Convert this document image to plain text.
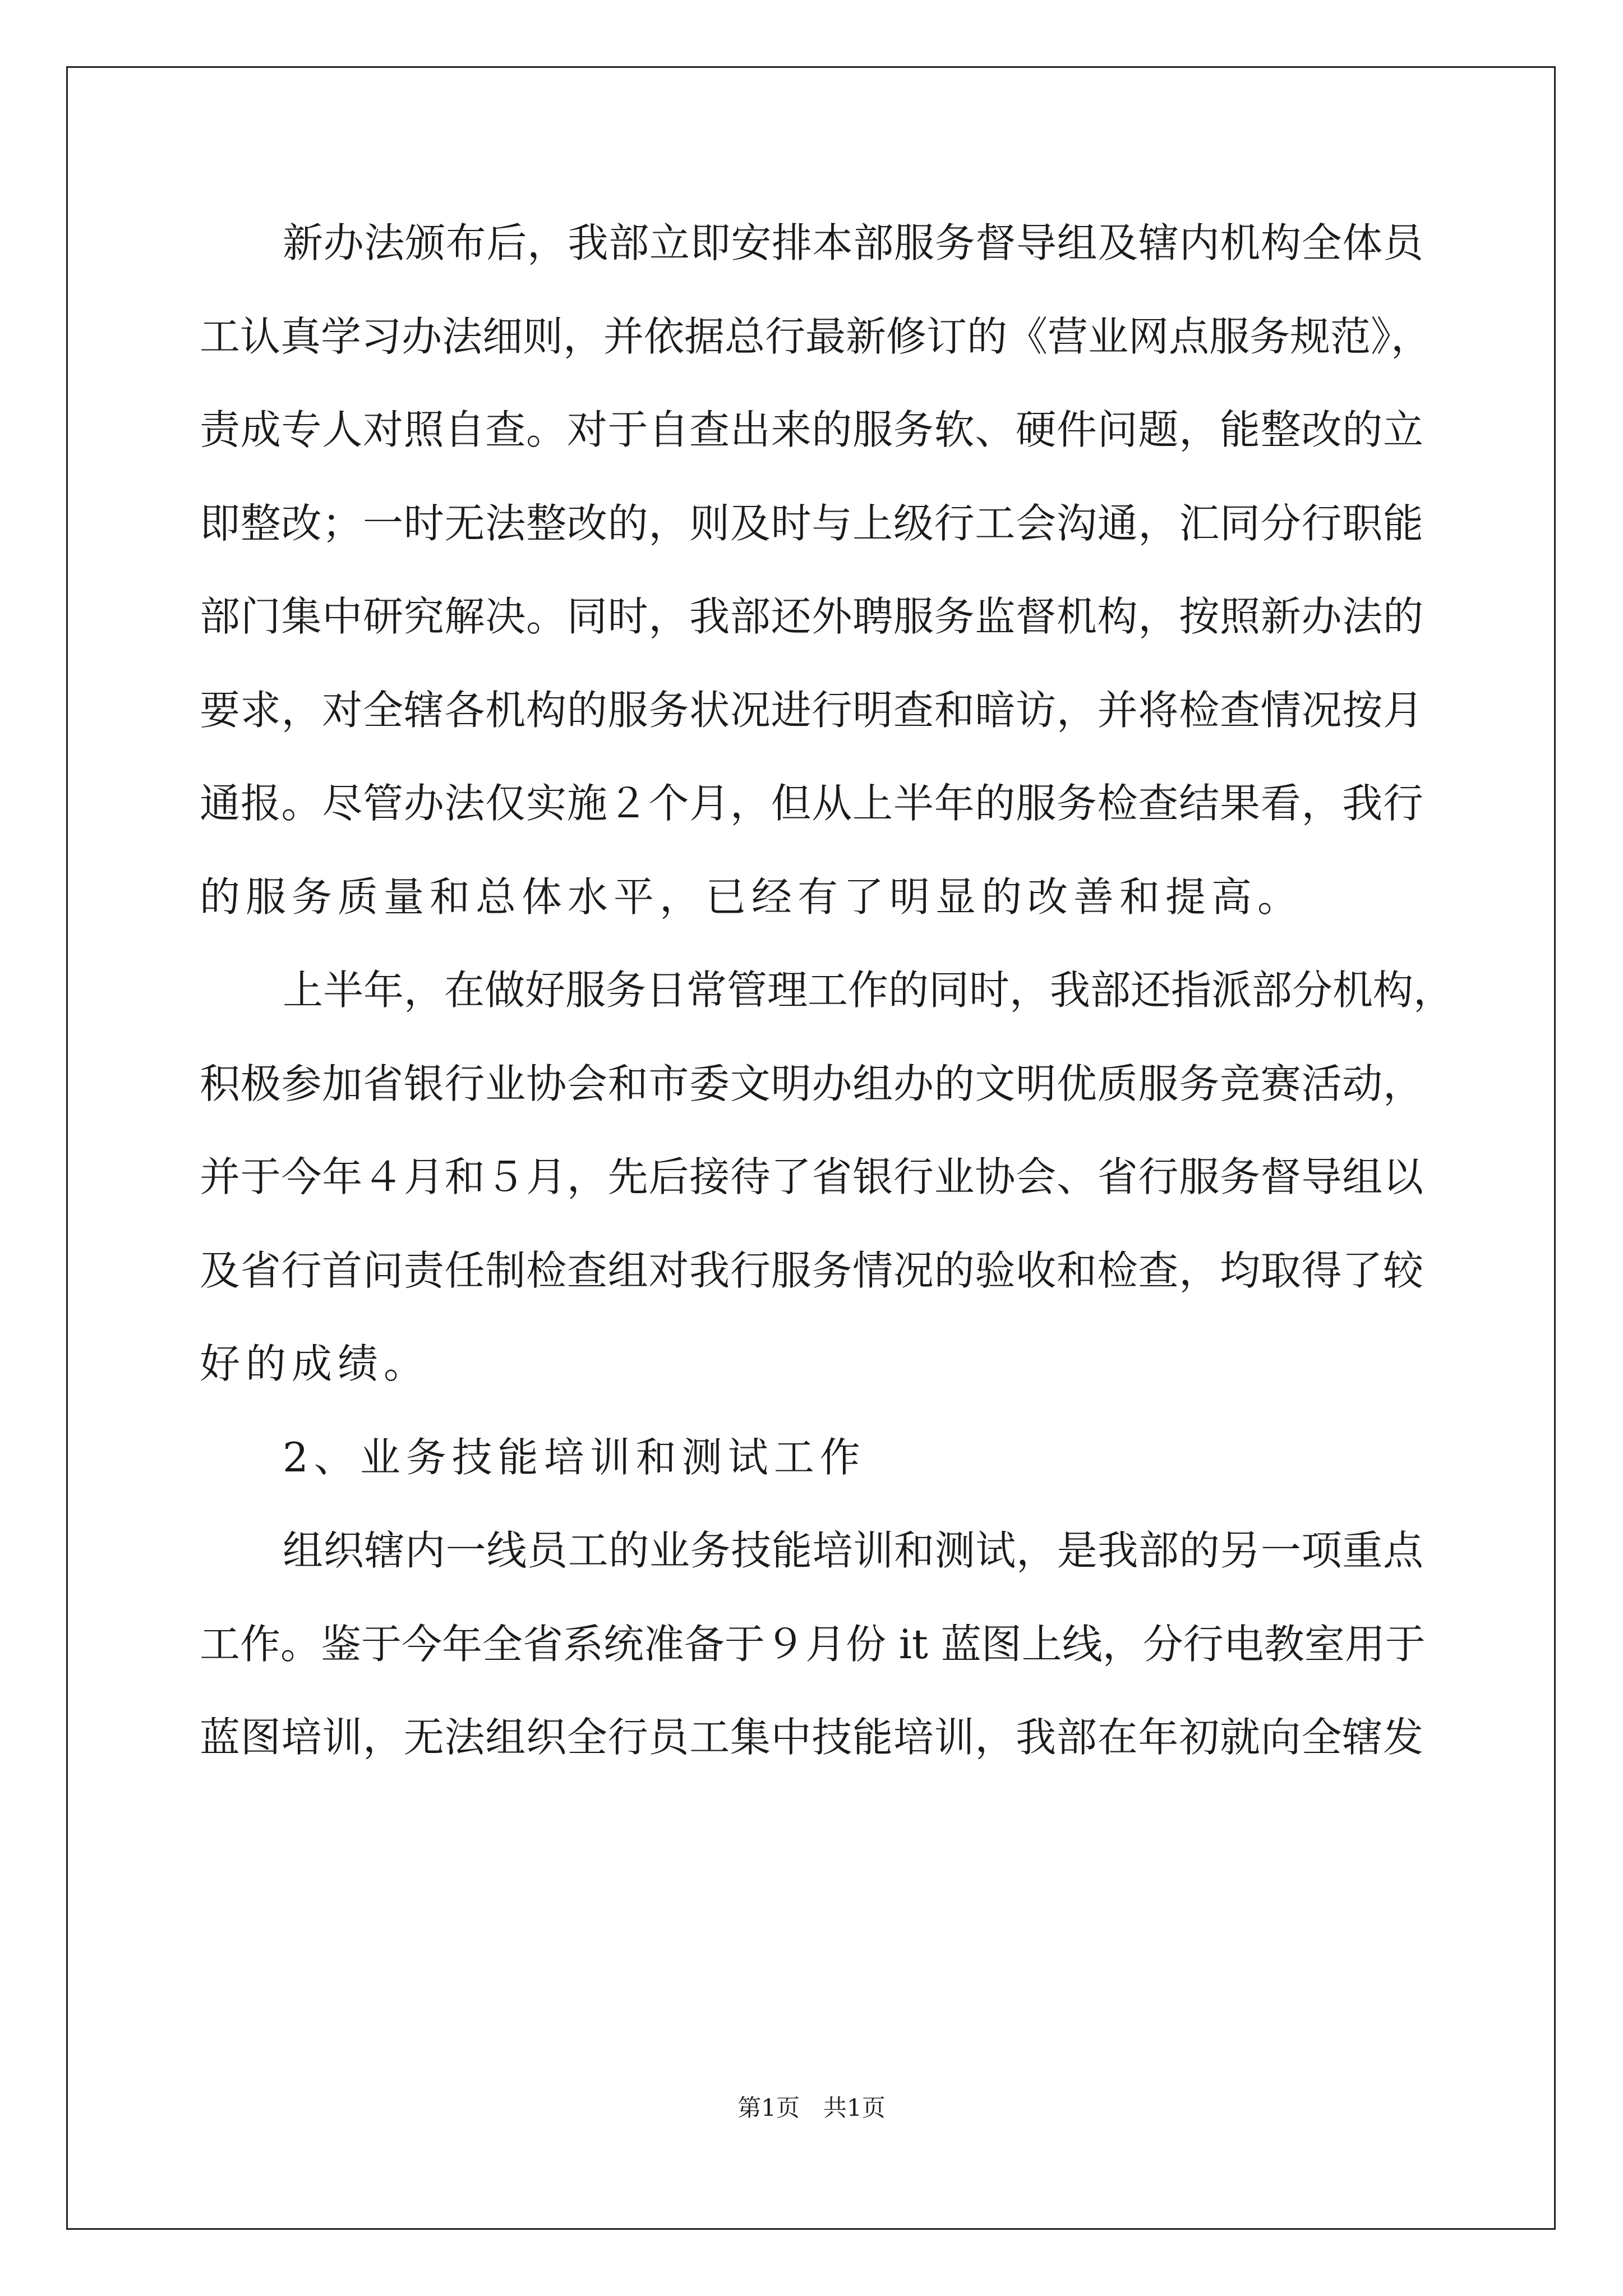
新办法颁布后，我部立即安排本部服务督导组及辖内机构全体员
工认真学习办法细则，并依据总行最新修订的《营业网点服务规范》，
责成专人对照自查。对于自查出来的服务软、硬件问题，能整改的立
即整改；一时无法整改的，则及时与上级行工会沟通，汇同分行职能
部门集中研究解决。同时，我部还外聘服务监督机构，按照新办法的
要求，对全辖各机构的服务状况进行明查和暗访，并将检查情况按月
通报。尽管办法仅实施２个月，但从上半年的服务检查结果看，我行
的服务质量和总体水平，已经有了明显的改善和提高。
上半年，在做好服务日常管理工作的同时，我部还指派部分机构，
积极参加省银行业协会和市委文明办组办的文明优质服务竞赛活动，
并于今年４月和５月，先后接待了省银行业协会、省行服务督导组以
及省行首问责任制检查组对我行服务情况的验收和检查，均取得了较
好的成绩。
2、业务技能培训和测试工作
组织辖内一线员工的业务技能培训和测试，是我部的另一项重点
工作。鉴于今年全省系统准备于９月份 it 蓝图上线，分行电教室用于
蓝图培训，无法组织全行员工集中技能培训，我部在年初就向全辖发
第1页　共1页
